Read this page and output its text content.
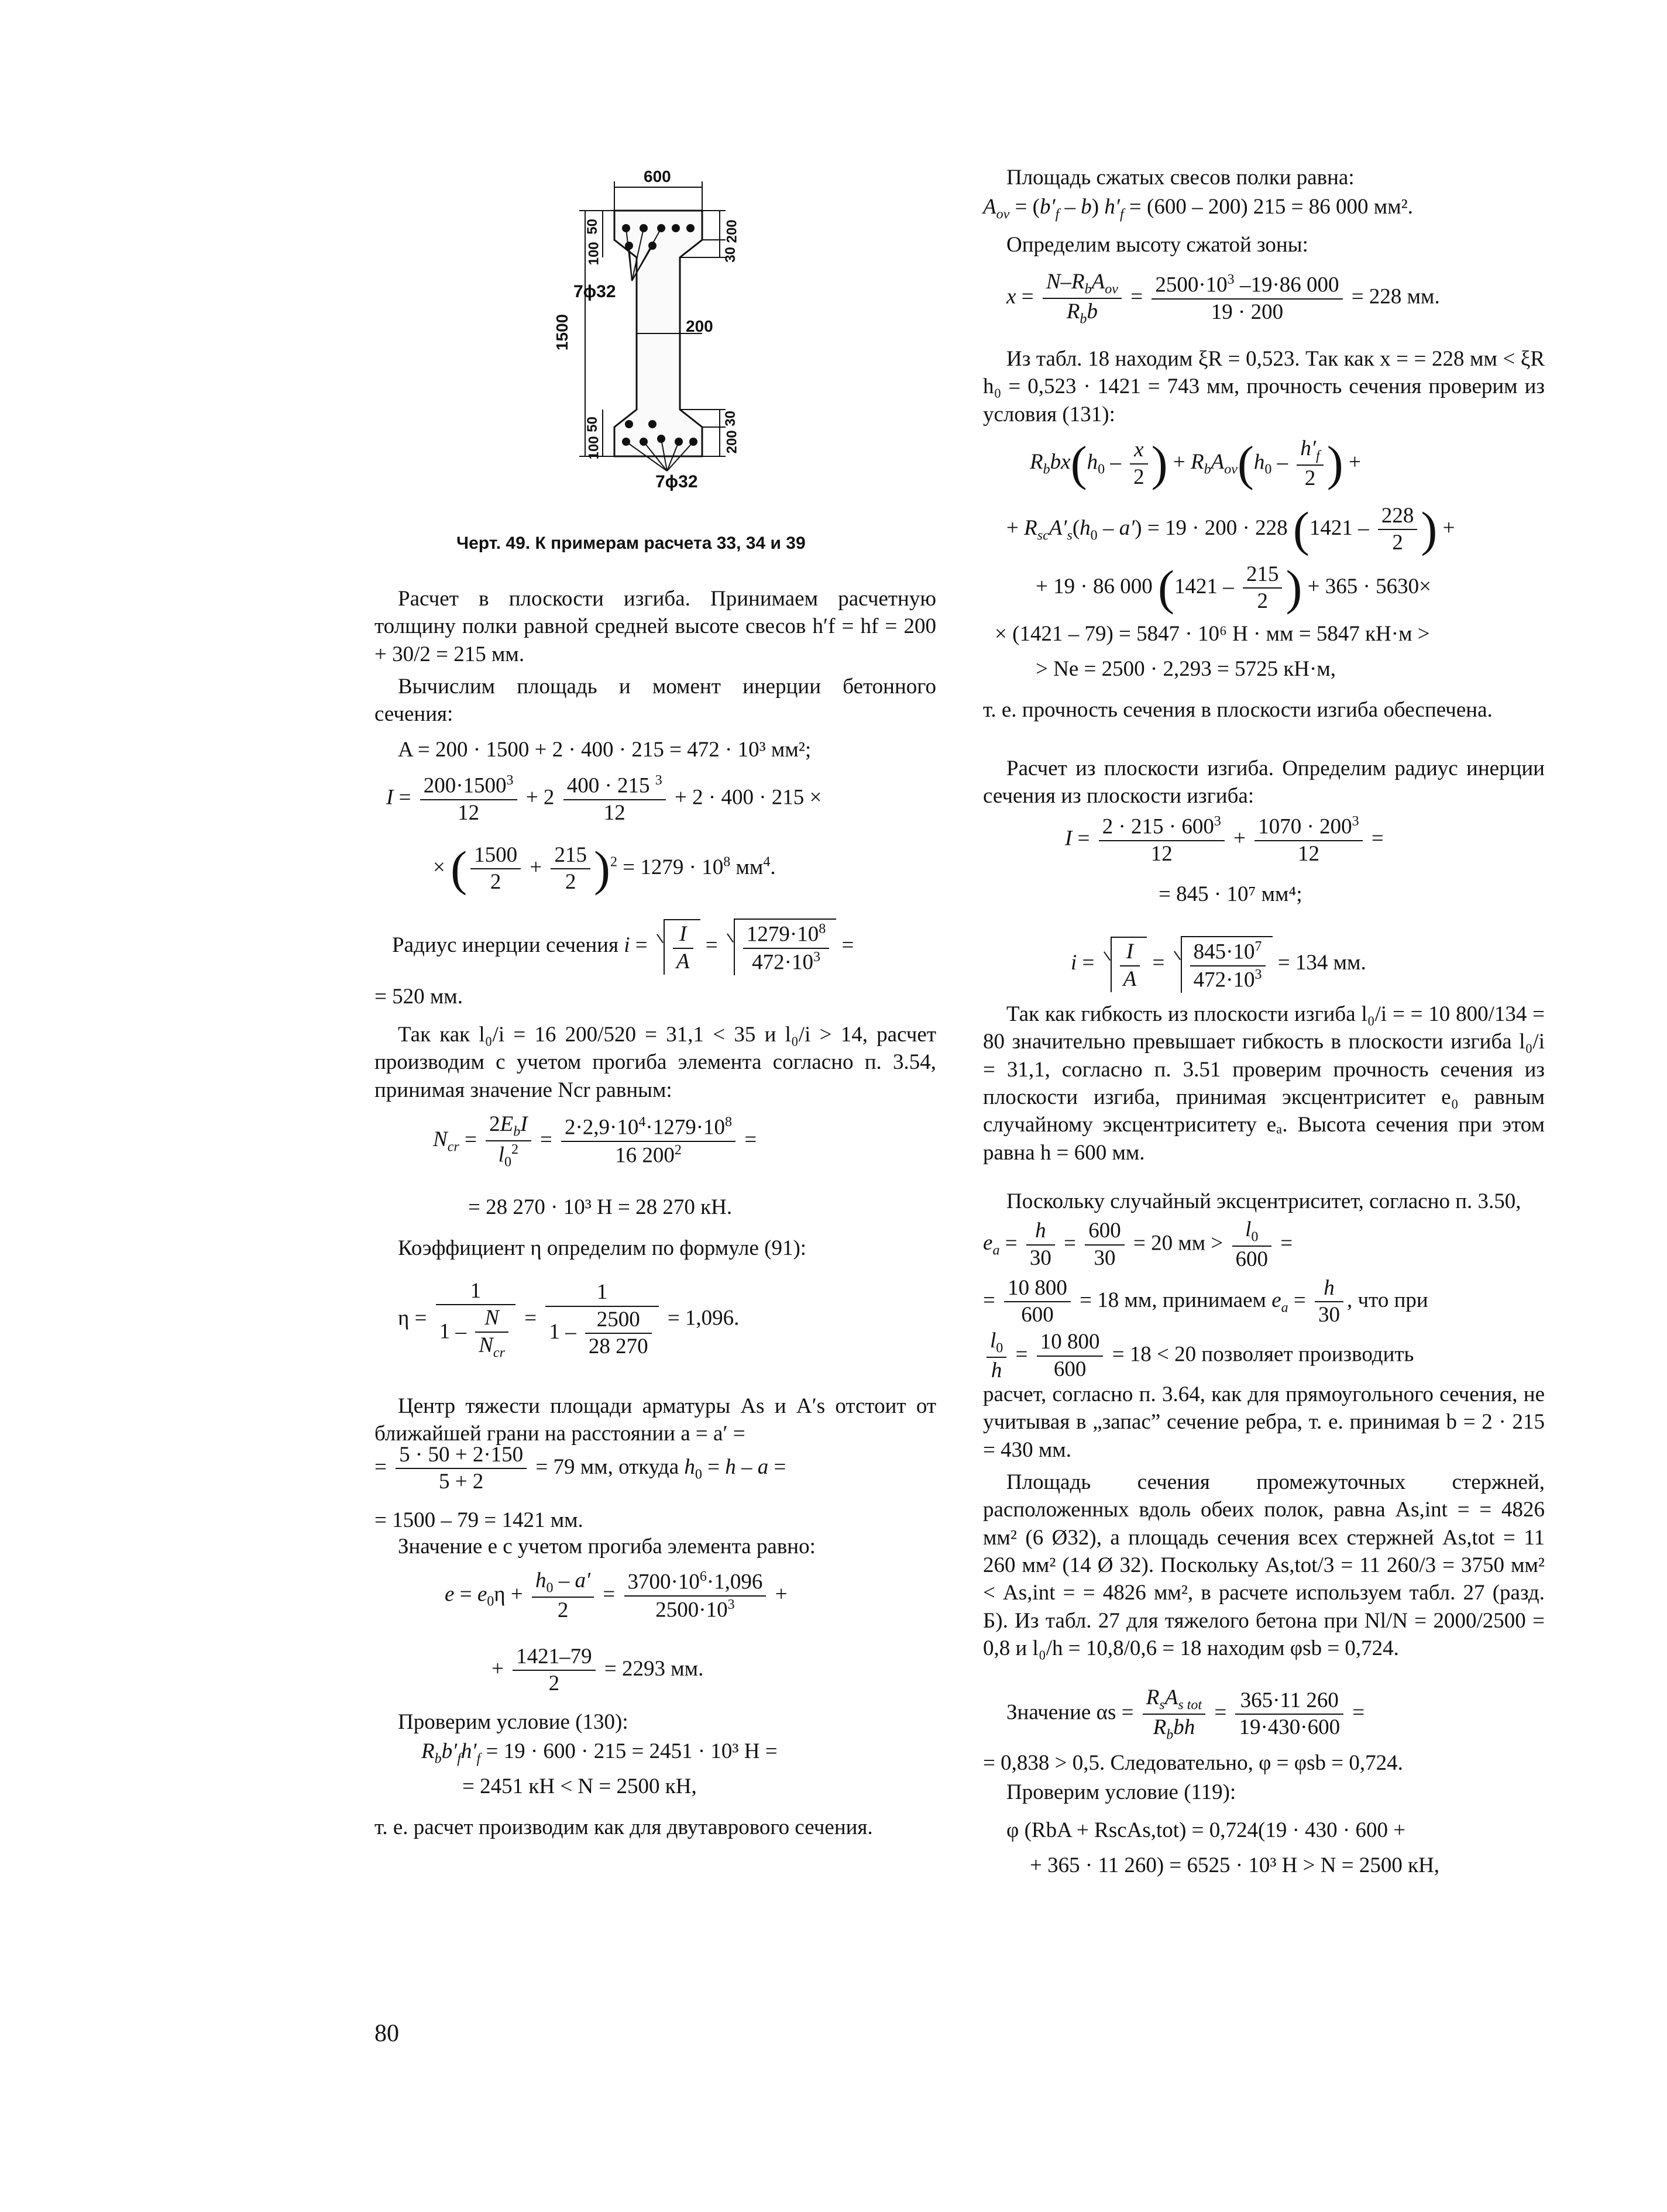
600
1500	200
50
100
200
30
30
200
50
100
7ϕ32
7ϕ32
Черт. 49. К примерам расчета 33, 34 и 39

Расчет в плоскости изгиба. Принимаем расчетную толщину полки равной средней высоте свесов h′f = hf = 200 + 30/2 = 215 мм.

Вычислим площадь и момент инерции бетонного сечения:

A = 200 · 1500 + 2 · 400 · 215 = 472 · 10³ мм²;
$I = \frac{200\cdot 1500^3}{12} + 2 \frac{400 \cdot 215 ^3}{12} + 2 \cdot 400 \cdot 215$ ×
× ( $\frac{1500}{2} + \frac{215}{2} )^2 = 1279 \cdot 10^8$ $мм^4$.
Радиус инерции сечения $i = \frac{I}{A} = \frac{1279\cdot 10^8}{472\cdot 10^3}$ =
= 520 мм.

Так как l₀/i = 16 200/520 = 31,1 < 35 и l₀/i > 14, расчет производим с учетом прогиба элемента согласно п. 3.54, принимая значение Ncr равным:

$N_{cr} = \frac{2E_bI}{l_0^2} = \frac{2\cdot 2,9\cdot 10^4\cdot 1279\cdot 10^8}{16 200^2}$ =
= 28 270 · 10³ Н = 28 270 кН.

Коэффициент η определим по формуле (91):

$\eta = \frac{1}{1 - \frac{N}{N_{cr}}} = \frac{1}{1 - \frac{2500}{28 270}} = 1,096$.

Центр тяжести площади арматуры As и A′s отстоит от ближайшей грани на расстоянии a = a′ =

= $\frac{5 \cdot 50 + 2\cdot 150}{5 + 2} = 79$ мм, откуда $h_0 = h - a$ =
= 1500 – 79 = 1421 мм.

Значение e с учетом прогиба элемента равно:

$e = e_0\eta + \frac{h_0 - a'}{2} = \frac{3700\cdot 10^6\cdot 1,096}{2500\cdot 10^3}$ +
+ $\frac{1421-79}{2} = 2293$ мм.

Проверим условие (130):

$R_bb'_fh'_f = 19 \cdot 600 \cdot 215 = 2451 \cdot 10^3$ Н =
= 2451 кН < N = 2500 кН,

т. е. расчет производим как для двутаврового сечения.

Площадь сжатых свесов полки равна:

$A_{ov} = (b'_f - b) h'_f = (600 - 200) 215 = 86$ 000 мм².

Определим высоту сжатой зоны:

$x = \frac{N-R_bA_{ov}}{R_bb} = \frac{2500\cdot 10^3 -19\cdot 86 000}{19 \cdot 200} = 228$ мм.

Из табл. 18 находим ξR = 0,523. Так как x = = 228 мм < ξR h₀ = 0,523 · 1421 = 743 мм, прочность сечения проверим из условия (131):

$R_bbx(h_0 - \frac{x}{2}$ ) + $R_bA_{ov}(h_0 - \frac{h'_f}{2}$ ) +
+ $R_{sc}A'_s(h_0 - a') = 19 \cdot 200 \cdot 228$ ($1421 - \frac{228}{2}$ ) +
+ 19 · 86 000 ($1421 - \frac{215}{2}$ ) + 365 · 5630×
× (1421 – 79) = 5847 · 10⁶ Н · мм = 5847 кН·м >
> Ne = 2500 · 2,293 = 5725 кН·м,

т. е. прочность сечения в плоскости изгиба обеспечена.

Расчет из плоскости изгиба. Определим радиус инерции сечения из плоскости изгиба:

$I = \frac{2 \cdot 215 \cdot 600^3}{12} + \frac{1070 \cdot 200^3}{12}$ =
= 845 · 10⁷ мм⁴;
$i = \frac{I}{A} = \frac{845\cdot 10^7}{472\cdot 10^3} = 134$ мм.

Так как гибкость из плоскости изгиба l₀/i = = 10 800/134 = 80 значительно превышает гибкость в плоскости изгиба l₀/i = 31,1, согласно п. 3.51 проверим прочность сечения из плоскости изгиба, принимая эксцентриситет e₀ равным случайному эксцентриситету eₐ. Высота сечения при этом равна h = 600 мм.

Поскольку случайный эксцентриситет, согласно п. 3.50,

$e_a = \frac{h}{30} = \frac{600}{30} = 20$ мм > $\frac{l_0}{600}$ =
= $\frac{10 800}{600} = 18$ мм, принимаем $e_a = \frac{h}{30}$ , что при
$\frac{l_0}{h} = \frac{10 800}{600} = 18 < 20$ позволяет производить

расчет, согласно п. 3.64, как для прямоугольного сечения, не учитывая в „запас” сечение ребра, т. е. принимая b = 2 · 215 = 430 мм.

Площадь сечения промежуточных стержней, расположенных вдоль обеих полок, равна As,int = = 4826 мм² (6 Ø32), а площадь сечения всех стержней As,tot = 11 260 мм² (14 Ø 32). Поскольку As,tot/3 = 11 260/3 = 3750 мм² < As,int = = 4826 мм², в расчете используем табл. 27 (разд. Б). Из табл. 27 для тяжелого бетона при Nl/N = 2000/2500 = 0,8 и l₀/h = 10,8/0,6 = 18 находим φsb = 0,724.

Значение $\alpha s = \frac{R_sA_{s tot}}{R_bbh} = \frac{365\cdot 11 260}{19\cdot 430\cdot 600}$ =
= 0,838 > 0,5. Следовательно, φ = φsb = 0,724.

Проверим условие (119):

φ (RbA + RscAs,tot) = 0,724(19 · 430 · 600 +
+ 365 · 11 260) = 6525 · 10³ Н > N = 2500 кН,
80
